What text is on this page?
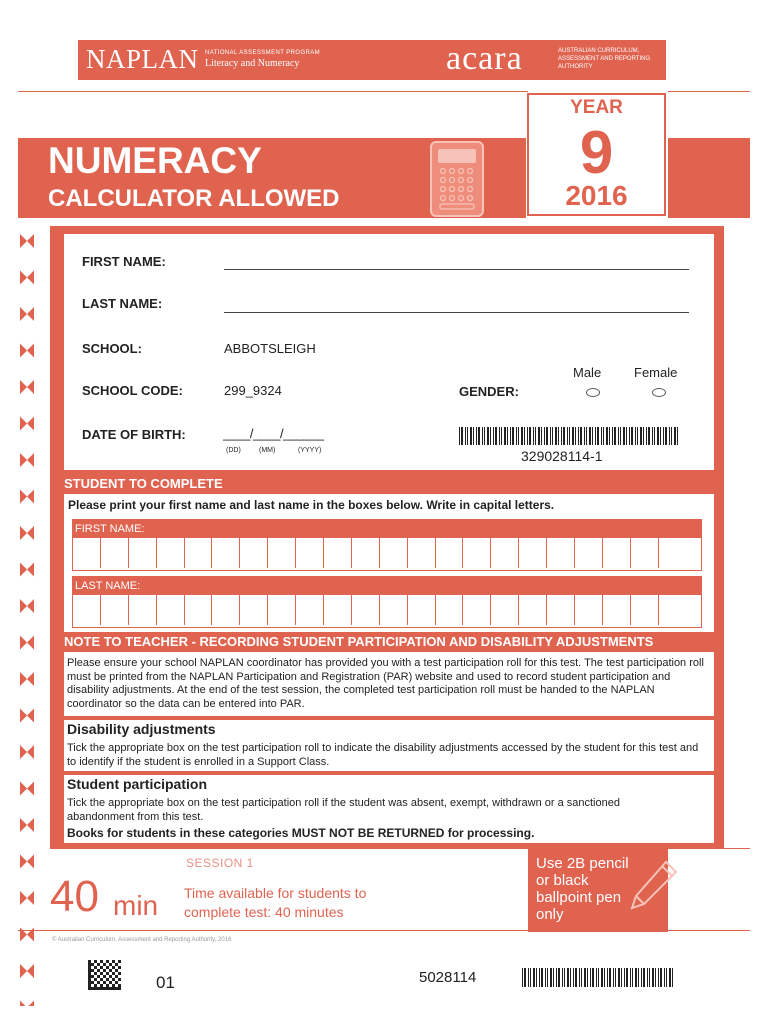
NAPLAN NATIONAL ASSESSMENT PROGRAM
Literacy and Numeracy	acara	AUSTRALIAN CURRICULUM, ASSESSMENT AND REPORTING AUTHORITY
NUMERACY
CALCULATOR ALLOWED
YEAR
9
2016
FIRST NAME:
LAST NAME:
SCHOOL:	ABBOTSLEIGH
SCHOOL CODE:	299_9324	GENDER:
Male	Female
DATE OF BIRTH:	____/____/______
(DD)	(MM)	(YYYY)	329028114-1
STUDENT TO COMPLETE
Please print your first name and last name in the boxes below. Write in capital letters.
FIRST NAME:
LAST NAME:
NOTE TO TEACHER - RECORDING STUDENT PARTICIPATION AND DISABILITY ADJUSTMENTS
Please ensure your school NAPLAN coordinator has provided you with a test participation roll for this test. The test participation roll must be printed from the NAPLAN Participation and Registration (PAR) website and used to record student participation and disability adjustments. At the end of the test session, the completed test participation roll must be handed to the NAPLAN coordinator so the data can be entered into PAR.
Disability adjustments
Tick the appropriate box on the test participation roll to indicate the disability adjustments accessed by the student for this test and to identify if the student is enrolled in a Support Class.
Student participation
Tick the appropriate box on the test participation roll if the student was absent, exempt, withdrawn or a sanctioned abandonment from this test.
Books for students in these categories MUST NOT BE RETURNED for processing.
SESSION 1
40 min Time available for students to complete test: 40 minutes
Use 2B pencil or black ballpoint pen only
© Australian Curriculum, Assessment and Reporting Authority, 2016
01	5028114
